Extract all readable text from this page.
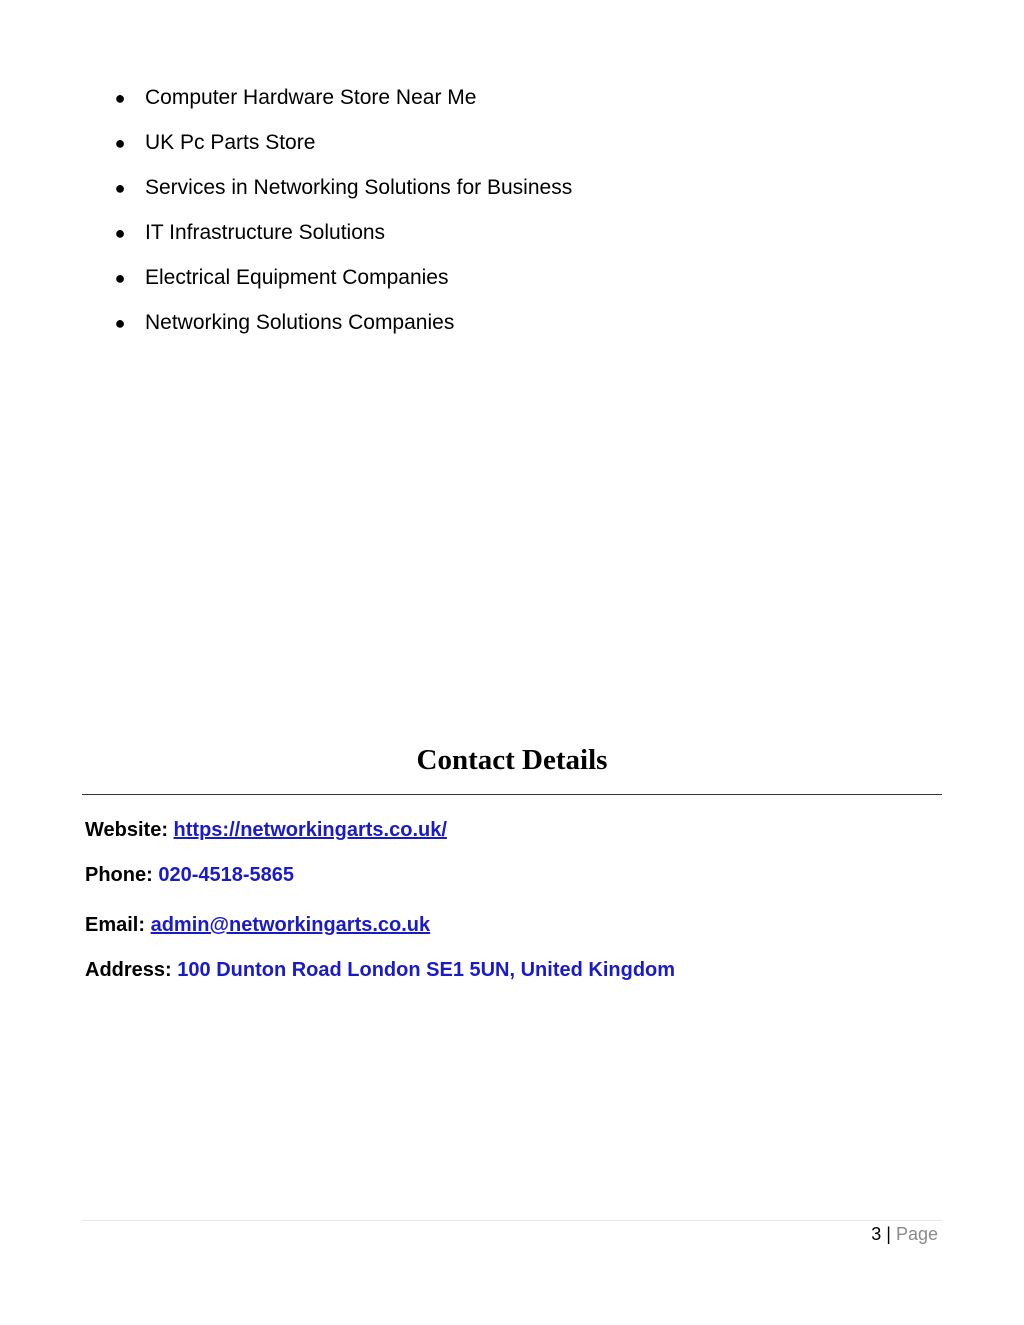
● Computer Hardware Store Near Me
● UK Pc Parts Store
● Services in Networking Solutions for Business
● IT Infrastructure Solutions
● Electrical Equipment Companies
● Networking Solutions Companies
Contact Details
Website: https://networkingarts.co.uk/
Phone: 020-4518-5865
Email: admin@networkingarts.co.uk
Address: 100 Dunton Road London SE1 5UN, United Kingdom
3 | Page
